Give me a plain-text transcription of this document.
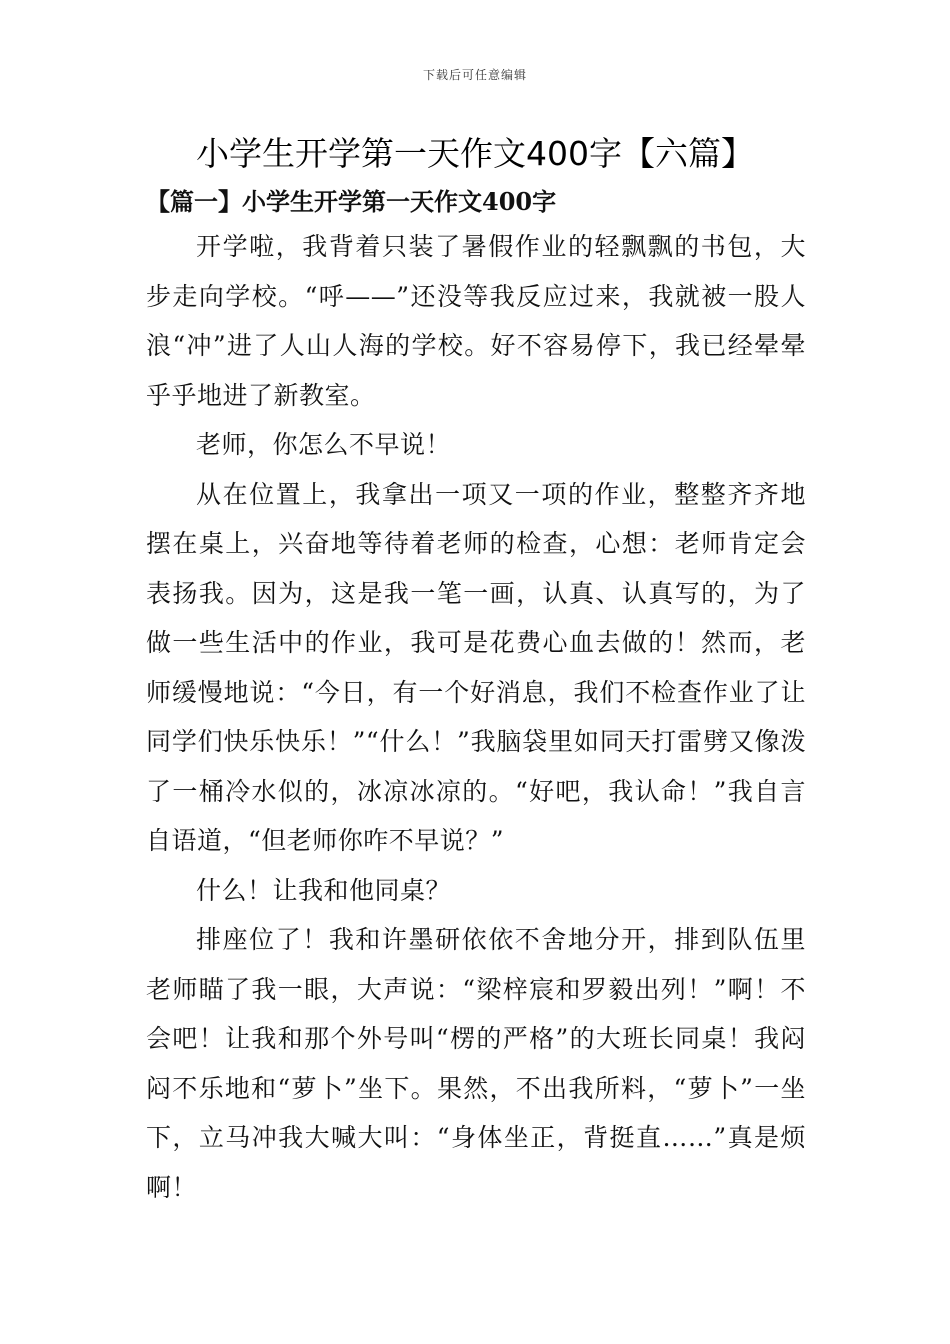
下载后可任意编辑
小学生开学第一天作文400字【六篇】
【篇一】小学生开学第一天作文400字

开学啦，我背着只装了暑假作业的轻飘飘的书包，大步走向学校。“呼——”还没等我反应过来，我就被一股人浪“冲”进了人山人海的学校。好不容易停下，我已经晕晕乎乎地进了新教室。

老师，你怎么不早说！

从在位置上，我拿出一项又一项的作业，整整齐齐地摆在桌上，兴奋地等待着老师的检查，心想：老师肯定会表扬我。因为，这是我一笔一画，认真、认真写的，为了做一些生活中的作业，我可是花费心血去做的！然而，老师缓慢地说：“今日，有一个好消息，我们不检查作业了让同学们快乐快乐！”“什么！”我脑袋里如同天打雷劈又像泼了一桶冷水似的，冰凉冰凉的。“好吧，我认命！”我自言自语道，“但老师你咋不早说？”

什么！让我和他同桌？

排座位了！我和许墨研依依不舍地分开，排到队伍里老师瞄了我一眼，大声说：“梁梓宸和罗毅出列！”啊！不会吧！让我和那个外号叫“楞的严格”的大班长同桌！我闷闷不乐地和“萝卜”坐下。果然，不出我所料，“萝卜”一坐下，立马冲我大喊大叫：“身体坐正，背挺直……”真是烦啊！
